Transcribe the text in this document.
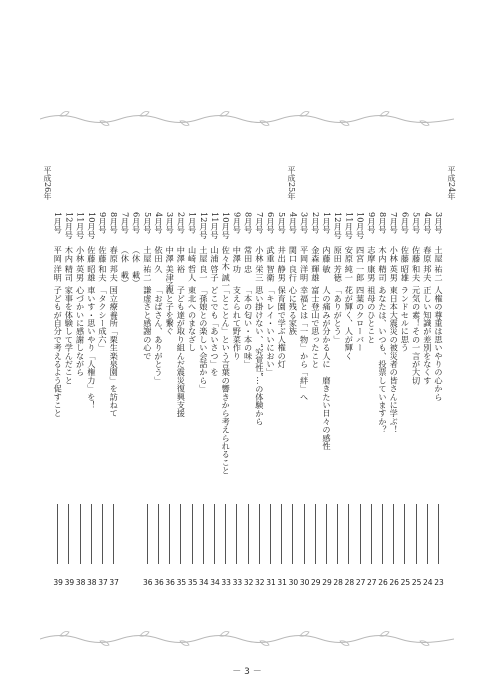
平成24年
平成25年
平成26年
3月号
土屋 祐二
人権の尊重は思いやりの心から
23
4月号
春原 邦夫
正しい知識が差別をなくす
24
5月号
佐藤 和夫
元気の素！その一言が大切
25
6月号
佐藤 昭雄
ランドセルに思う
25
7月号
小林 英男
東日本大震災の被災者の皆さんに学ぶ！
26
8月号
木内 精司
あなたは、いつも、投票していますか？
26
9月号
志摩 康男
祖母のひとこと
27
10月号
四宮 一郎
四葉のクローバー
27
11月号
安原 純一
花が輝く、人が輝く
28
12月号
原田 芳徳
「ありがとう」
28
1月号
内藤 敏
人の痛みが分かる人に　磨きたい日々の感性
29
2月号
金森 輝雄
富士登山で思ったこと
29
3月号
平岡 洋明
幸福とは「一物」から「絆」へ
30
4月号
関口 良行
心に残る家族
30
5月号
井出 静男
保育園で学ぶ人権の灯
31
6月号
武重 智衛
「キレイ・いいにおい」
31
7月号
小林 栄三
思い掛けない、“究覚性”…の体験から
32
8月号
常田 忠
「本の匂い・本の味」
32
9月号
中澤 功
支えられて野菜作り
33
10月号
佐々木 誠一
「とことん」という言葉の響きから考えられること
33
11月号
山浦 啓子
どこでも「あいさつ」を
34
12月号
土屋 良一
「孫娘との楽しい会話から」
34
1月号
山崎 哲人
東北へのまなざし
35
2月号
中澤 裕
子ども達が取り組んだ震災復興支援
35
3月号
中澤 美津子
親と子を繋ぐ
36
4月号
依田 久
「おばさん、ありがとう」
36
5月号
土屋 祐二
謙虚さと感謝の心で
36
6月号
（休　載）
7月号
（休　載）
8月号
春原 邦夫
国立療養所「栗生楽泉園」を訪ねて
37
9月号
佐藤 和夫
「タクシー成六」
37
10月号
佐藤 昭雄
車いす・思いやり「人権力」を！
38
11月号
小林 英男
心づかいに感謝しながら
38
12月号
木内 精司
家事を体験して学んだこと
39
1月号
平岡 洋明
子どもが自分で考えるよう促すこと
39
－ 3 －
